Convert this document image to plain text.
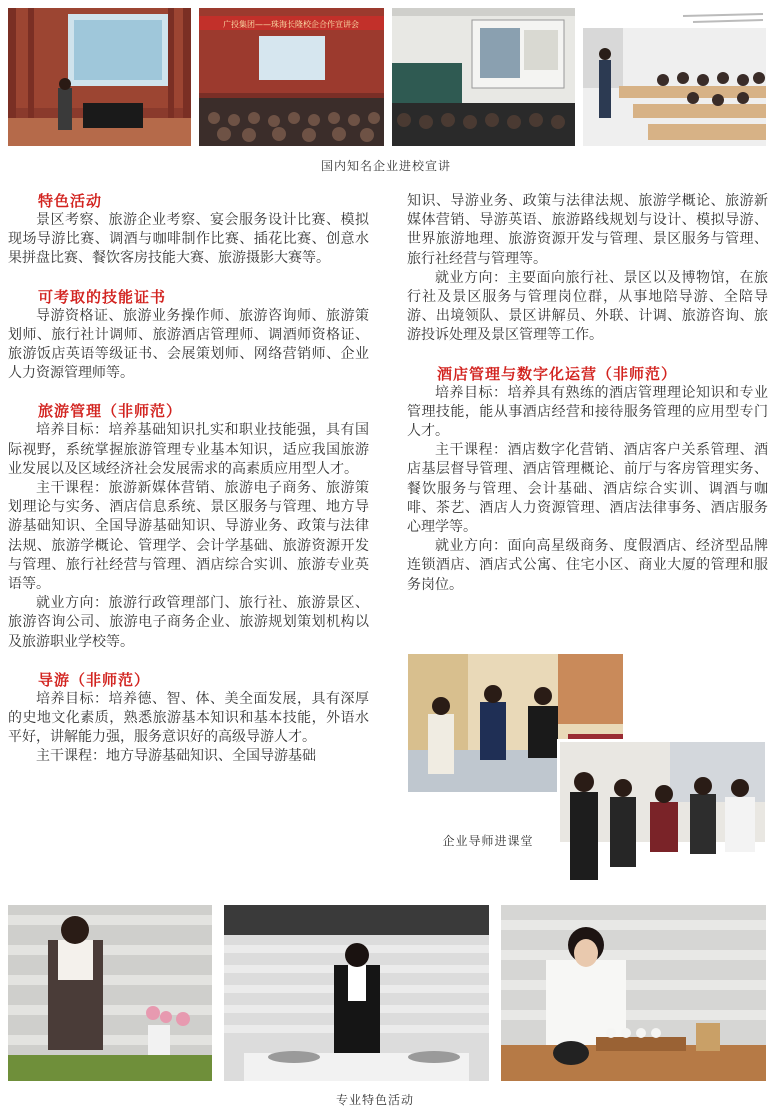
广投集团——珠海长隆校企合作宣讲会
国内知名企业进校宣讲
特色活动

景区考察、旅游企业考察、宴会服务设计比赛、模拟现场导游比赛、调酒与咖啡制作比赛、插花比赛、创意水果拼盘比赛、餐饮客房技能大赛、旅游摄影大赛等。

可考取的技能证书

导游资格证、旅游业务操作师、旅游咨询师、旅游策划师、旅行社计调师、旅游酒店管理师、调酒师资格证、旅游饭店英语等级证书、会展策划师、网络营销师、企业人力资源管理师等。

旅游管理（非师范）

培养目标：培养基础知识扎实和职业技能强，具有国际视野，系统掌握旅游管理专业基本知识，适应我国旅游业发展以及区域经济社会发展需求的高素质应用型人才。

主干课程：旅游新媒体营销、旅游电子商务、旅游策划理论与实务、酒店信息系统、景区服务与管理、地方导游基础知识、全国导游基础知识、导游业务、政策与法律法规、旅游学概论、管理学、会计学基础、旅游资源开发与管理、旅行社经营与管理、酒店综合实训、旅游专业英语等。

就业方向：旅游行政管理部门、旅行社、旅游景区、旅游咨询公司、旅游电子商务企业、旅游规划策划机构以及旅游职业学校等。

导游（非师范）

培养目标：培养德、智、体、美全面发展，具有深厚的史地文化素质，熟悉旅游基本知识和基本技能，外语水平好，讲解能力强，服务意识好的高级导游人才。

主干课程：地方导游基础知识、全国导游基础

知识、导游业务、政策与法律法规、旅游学概论、旅游新媒体营销、导游英语、旅游路线规划与设计、模拟导游、世界旅游地理、旅游资源开发与管理、景区服务与管理、旅行社经营与管理等。

就业方向：主要面向旅行社、景区以及博物馆，在旅行社及景区服务与管理岗位群，从事地陪导游、全陪导游、出境领队、景区讲解员、外联、计调、旅游咨询、旅游投诉处理及景区管理等工作。

酒店管理与数字化运营（非师范）

培养目标：培养具有熟练的酒店管理理论知识和专业管理技能，能从事酒店经营和接待服务管理的应用型专门人才。

主干课程：酒店数字化营销、酒店客户关系管理、酒店基层督导管理、酒店管理概论、前厅与客房管理实务、餐饮服务与管理、会计基础、酒店综合实训、调酒与咖啡、茶艺、酒店人力资源管理、酒店法律事务、酒店服务心理学等。

就业方向：面向高星级商务、度假酒店、经济型品牌连锁酒店、酒店式公寓、住宅小区、商业大厦的管理和服务岗位。

企业导师进课堂
专业特色活动
